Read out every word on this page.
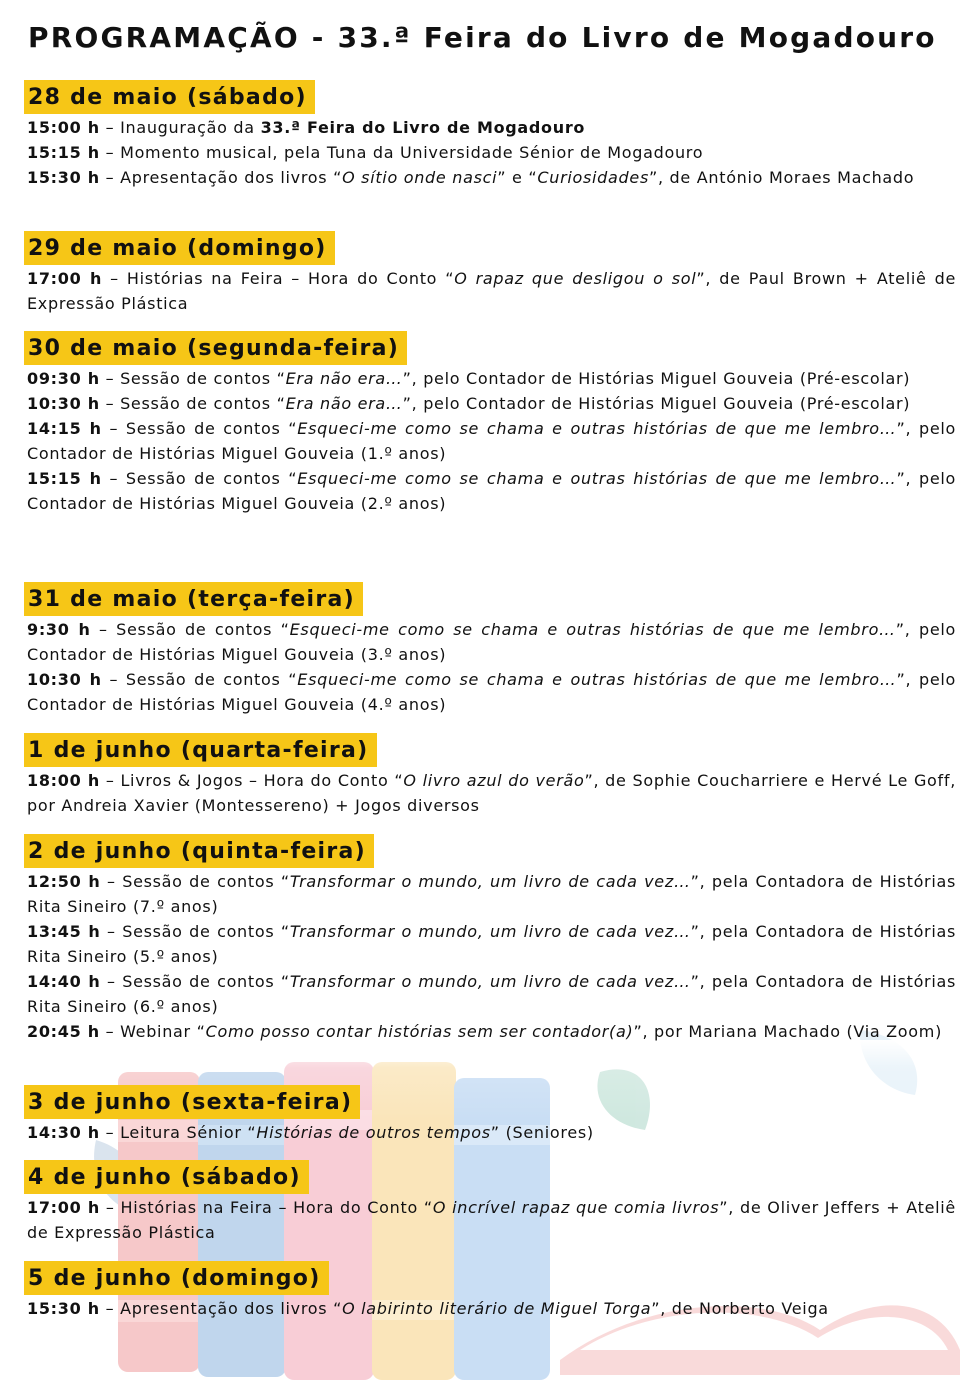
PROGRAMAÇÃO - 33.ª Feira do Livro de Mogadouro
28 de maio (sábado)
15:00 h – Inauguração da 33.ª Feira do Livro de Mogadouro
15:15 h – Momento musical, pela Tuna da Universidade Sénior de Mogadouro
15:30 h – Apresentação dos livros “O sítio onde nasci” e “Curiosidades”, de António Moraes Machado
29 de maio (domingo)
17:00 h – Histórias na Feira – Hora do Conto “O rapaz que desligou o sol”, de Paul Brown + Ateliê de Expressão Plástica
30 de maio (segunda-feira)
09:30 h – Sessão de contos “Era não era…”, pelo Contador de Histórias Miguel Gouveia (Pré-escolar)
10:30 h – Sessão de contos “Era não era…”, pelo Contador de Histórias Miguel Gouveia (Pré-escolar)
14:15 h – Sessão de contos “Esqueci-me como se chama e outras histórias de que me lembro…”, pelo Contador de Histórias Miguel Gouveia (1.º anos)
15:15 h – Sessão de contos “Esqueci-me como se chama e outras histórias de que me lembro…”, pelo Contador de Histórias Miguel Gouveia (2.º anos)
31 de maio (terça-feira)
9:30 h – Sessão de contos “Esqueci-me como se chama e outras histórias de que me lembro…”, pelo Contador de Histórias Miguel Gouveia (3.º anos)
10:30 h – Sessão de contos “Esqueci-me como se chama e outras histórias de que me lembro…”, pelo Contador de Histórias Miguel Gouveia (4.º anos)
1 de junho (quarta-feira)
18:00 h – Livros & Jogos – Hora do Conto “O livro azul do verão”, de Sophie Coucharriere e Hervé Le Goff, por Andreia Xavier (Montessereno) + Jogos diversos
2 de junho (quinta-feira)
12:50 h – Sessão de contos “Transformar o mundo, um livro de cada vez…”, pela Contadora de Histórias Rita Sineiro (7.º anos)
13:45 h – Sessão de contos “Transformar o mundo, um livro de cada vez…”, pela Contadora de Histórias Rita Sineiro (5.º anos)
14:40 h – Sessão de contos “Transformar o mundo, um livro de cada vez…”, pela Contadora de Histórias Rita Sineiro (6.º anos)
20:45 h – Webinar “Como posso contar histórias sem ser contador(a)”, por Mariana Machado (Via Zoom)
3 de junho (sexta-feira)
14:30 h – Leitura Sénior “Histórias de outros tempos” (Seniores)
4 de junho (sábado)
17:00 h – Histórias na Feira – Hora do Conto “O incrível rapaz que comia livros”, de Oliver Jeffers + Ateliê de Expressão Plástica
5 de junho (domingo)
15:30 h – Apresentação dos livros “O labirinto literário de Miguel Torga”, de Norberto Veiga
